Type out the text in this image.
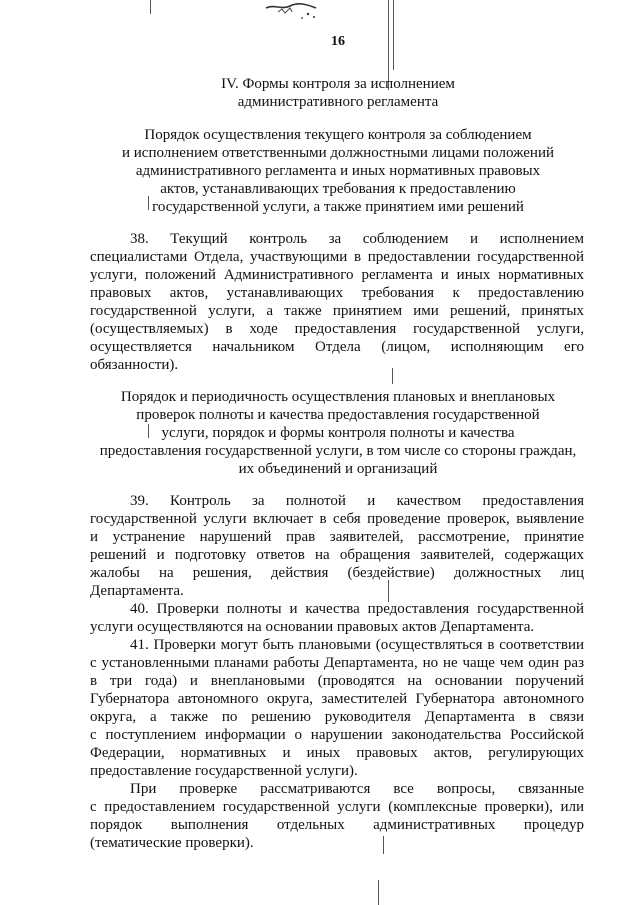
16
IV. Формы контроля за исполнением
административного регламента
Порядок осуществления текущего контроля за соблюдением
и исполнением ответственными должностными лицами положений
административного регламента и иных нормативных правовых
актов, устанавливающих требования к предоставлению
государственной услуги, а также принятием ими решений
38. Текущий контроль за соблюдением и исполнением
специалистами Отдела, участвующими в предоставлении государственной
услуги, положений Административного регламента и иных нормативных
правовых актов, устанавливающих требования к предоставлению
государственной услуги, а также принятием ими решений, принятых
(осуществляемых) в ходе предоставления государственной услуги,
осуществляется начальником Отдела (лицом, исполняющим его
обязанности).
Порядок и периодичность осуществления плановых и внеплановых
проверок полноты и качества предоставления государственной
услуги, порядок и формы контроля полноты и качества
предоставления государственной услуги, в том числе со стороны граждан,
их объединений и организаций
39. Контроль за полнотой и качеством предоставления
государственной услуги включает в себя проведение проверок, выявление
и устранение нарушений прав заявителей, рассмотрение, принятие
решений и подготовку ответов на обращения заявителей, содержащих
жалобы на решения, действия (бездействие) должностных лиц
Департамента.
40. Проверки полноты и качества предоставления государственной
услуги осуществляются на основании правовых актов Департамента.
41. Проверки могут быть плановыми (осуществляться в соответствии
с установленными планами работы Департамента, но не чаще чем один раз
в три года) и внеплановыми (проводятся на основании поручений
Губернатора автономного округа, заместителей Губернатора автономного
округа, а также по решению руководителя Департамента в связи
с поступлением информации о нарушении законодательства Российской
Федерации, нормативных и иных правовых актов, регулирующих
предоставление государственной услуги).
При проверке рассматриваются все вопросы, связанные
с предоставлением государственной услуги (комплексные проверки), или
порядок выполнения отдельных административных процедур
(тематические проверки).
